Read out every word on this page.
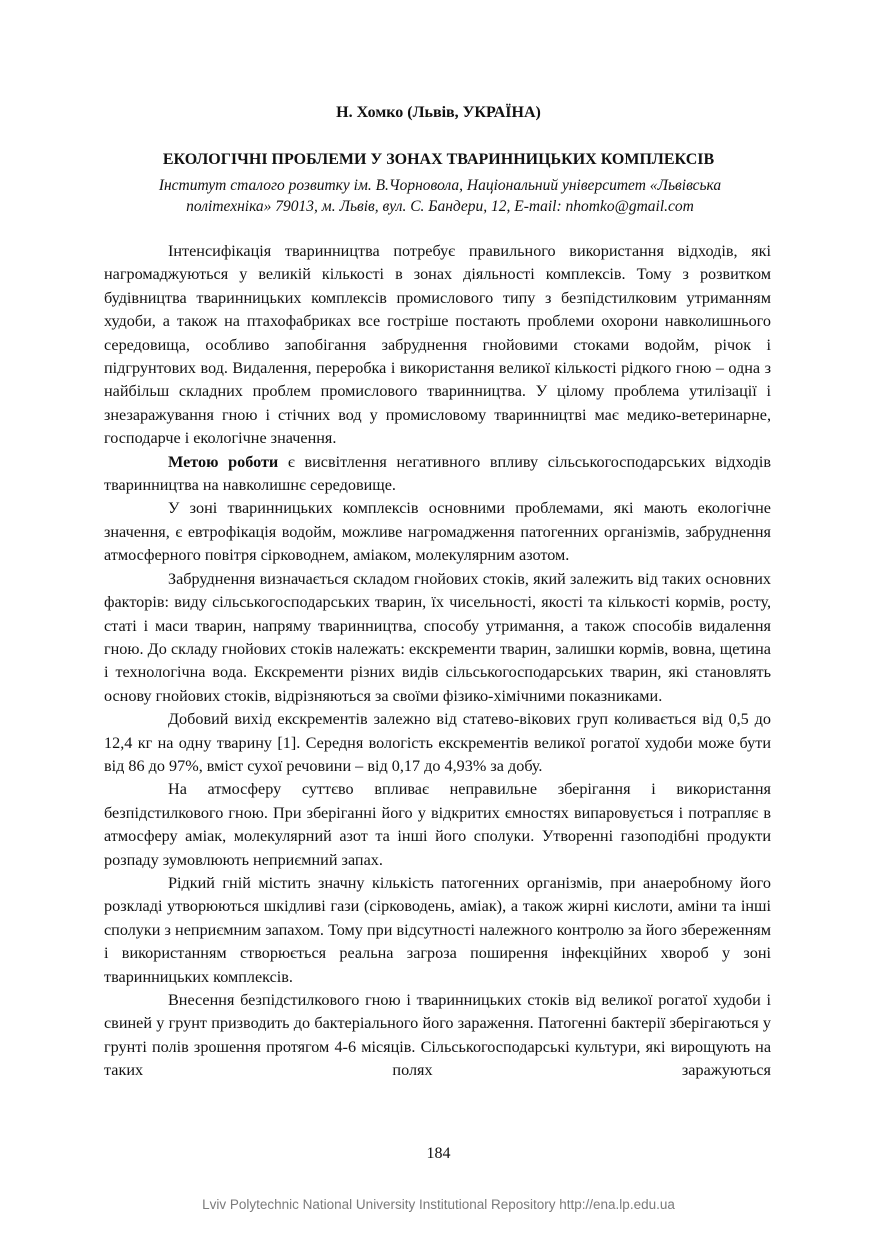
Н. Хомко (Львів, УКРАЇНА)
ЕКОЛОГІЧНІ ПРОБЛЕМИ У ЗОНАХ ТВАРИННИЦЬКИХ КОМПЛЕКСІВ
Інститут сталого розвитку ім. В.Чорновола, Національний університет «Львівська політехніка» 79013, м. Львів, вул. С. Бандери, 12, E-mail: nhomko@gmail.com

Інтенсифікація тваринництва потребує правильного використання відходів, які нагромаджуються у великій кількості в зонах діяльності комплексів. Тому з розвитком будівництва тваринницьких комплексів промислового типу з безпідстилковим утриманням худоби, а також на птахофабриках все гостріше постають проблеми охорони навколишнього середовища, особливо запобігання забруднення гнойовими стоками водойм, річок і підгрунтових вод. Видалення, переробка і використання великої кількості рідкого гною – одна з найбільш складних проблем промислового тваринництва. У цілому проблема утилізації і знезаражування гною і стічних вод у промисловому тваринництві має медико-ветеринарне, господарче і екологічне значення.

Метою роботи є висвітлення негативного впливу сільськогосподарських відходів тваринництва на навколишнє середовище.

У зоні тваринницьких комплексів основними проблемами, які мають екологічне значення, є евтрофікація водойм, можливе нагромадження патогенних організмів, забруднення атмосферного повітря сірководнем, аміаком, молекулярним азотом.

Забруднення визначається складом гнойових стоків, який залежить від таких основних факторів: виду сільськогосподарських тварин, їх чисельності, якості та кількості кормів, росту, статі і маси тварин, напряму тваринництва, способу утримання, а також способів видалення гною. До складу гнойових стоків належать: екскременти тварин, залишки кормів, вовна, щетина і технологічна вода. Екскременти різних видів сільськогосподарських тварин, які становлять основу гнойових стоків, відрізняються за своїми фізико-хімічними показниками.

Добовий вихід екскрементів залежно від статево-вікових груп коливається від 0,5 до 12,4 кг на одну тварину [1]. Середня вологість екскрементів великої рогатої худоби може бути від 86 до 97%, вміст сухої речовини – від 0,17 до 4,93% за добу.

На атмосферу суттєво впливає неправильне зберігання і використання безпідстилкового гною. При зберіганні його у відкритих ємностях випаровується і потрапляє в атмосферу аміак, молекулярний азот та інші його сполуки. Утворенні газоподібні продукти розпаду зумовлюють неприємний запах.

Рідкий гній містить значну кількість патогенних організмів, при анаеробному його розкладі утворюються шкідливі гази (сірководень, аміак), а також жирні кислоти, аміни та інші сполуки з неприємним запахом. Тому при відсутності належного контролю за його збереженням і використанням створюється реальна загроза поширення інфекційних хвороб у зоні тваринницьких комплексів.

Внесення безпідстилкового гною і тваринницьких стоків від великої рогатої худоби і свиней у грунт призводить до бактеріального його зараження. Патогенні бактерії зберігаються у грунті полів зрошення протягом 4-6 місяців. Сільськогосподарські культури, які вирощують на таких полях заражуються

184
Lviv Polytechnic National University Institutional Repository http://ena.lp.edu.ua
